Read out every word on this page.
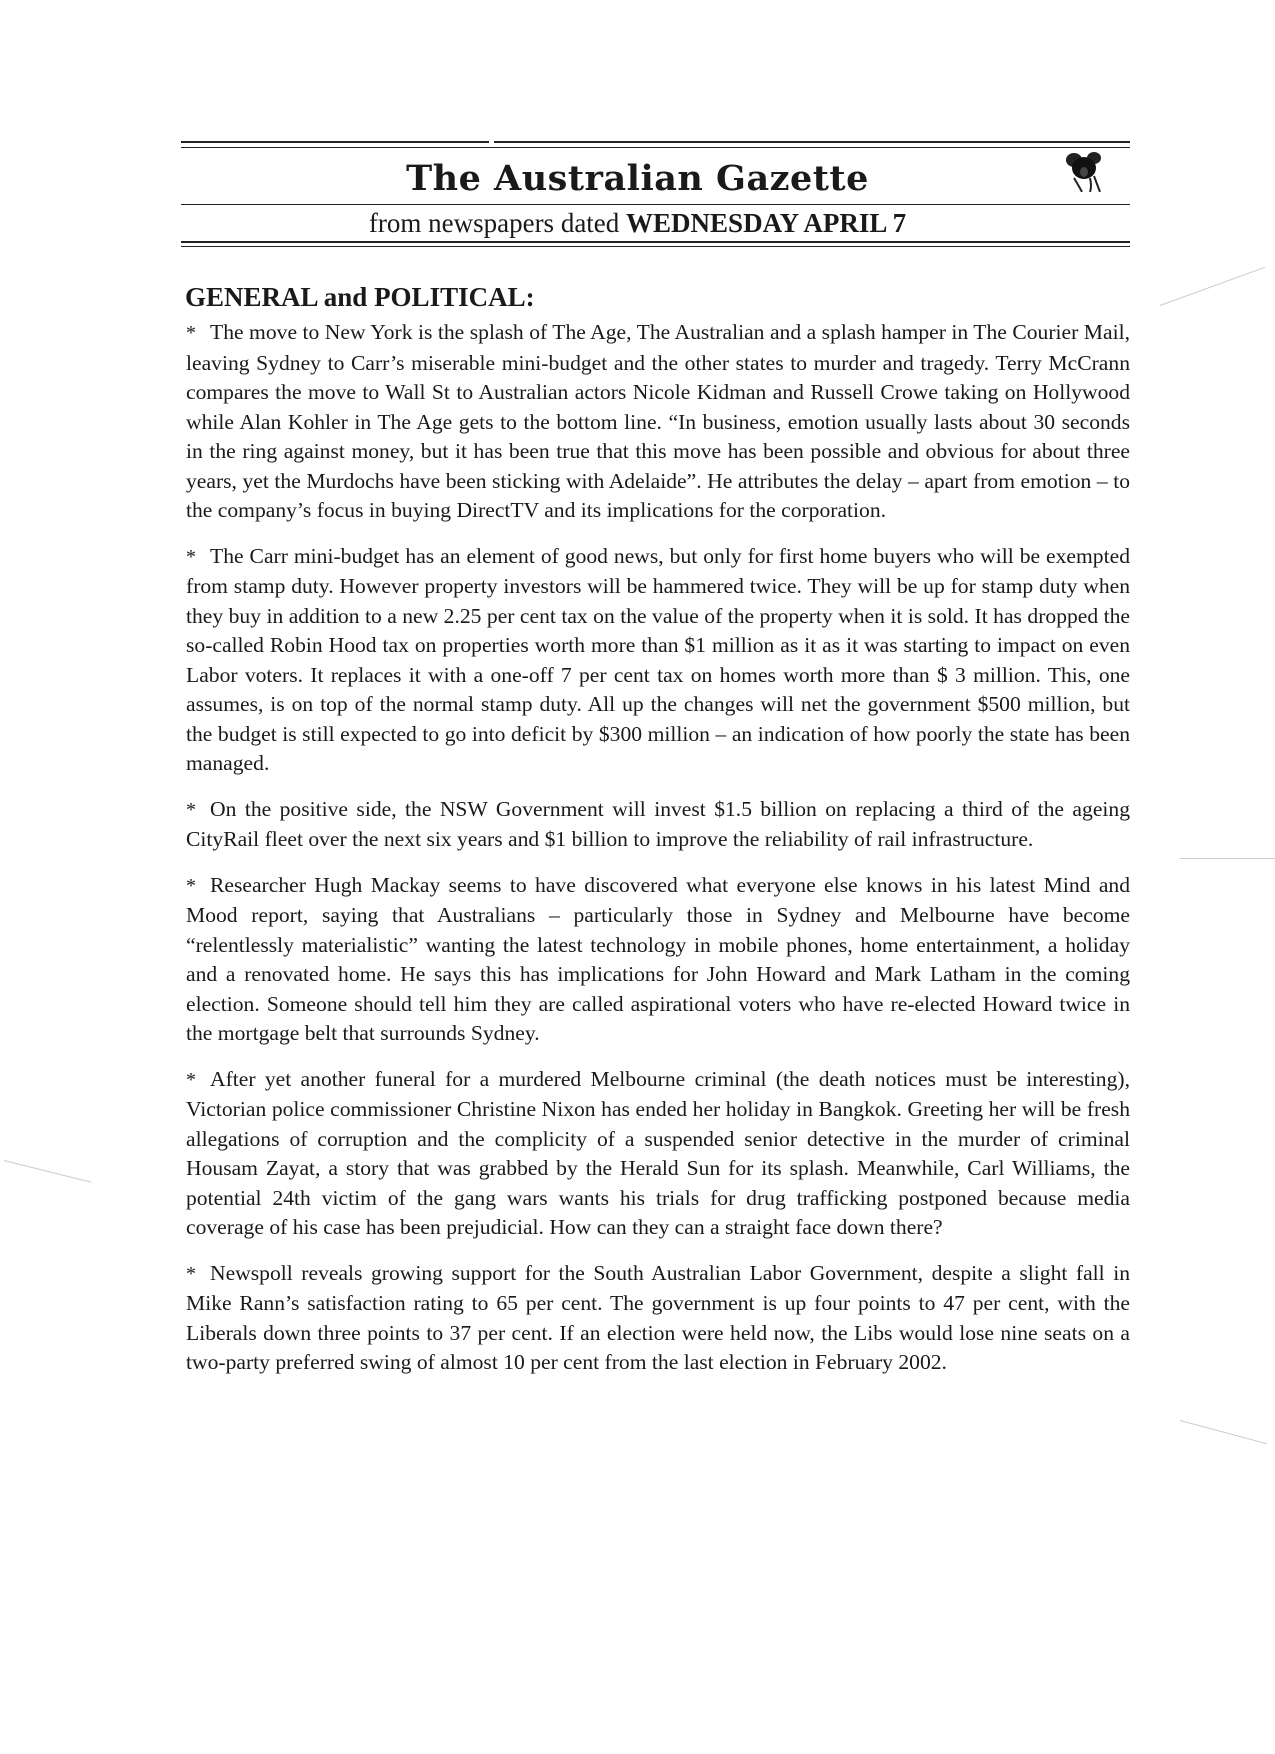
The Australian Gazette
from newspapers dated WEDNESDAY APRIL 7
GENERAL and POLITICAL:

* The move to New York is the splash of The Age, The Australian and a splash hamper in The Courier Mail, leaving Sydney to Carr’s miserable mini-budget and the other states to murder and tragedy. Terry McCrann compares the move to Wall St to Australian actors Nicole Kidman and Russell Crowe taking on Hollywood while Alan Kohler in The Age gets to the bottom line. “In business, emotion usually lasts about 30 seconds in the ring against money, but it has been true that this move has been possible and obvious for about three years, yet the Murdochs have been sticking with Adelaide”. He attributes the delay – apart from emotion – to the company’s focus in buying DirectTV and its implications for the corporation.

* The Carr mini-budget has an element of good news, but only for first home buyers who will be exempted from stamp duty. However property investors will be hammered twice. They will be up for stamp duty when they buy in addition to a new 2.25 per cent tax on the value of the property when it is sold. It has dropped the so-called Robin Hood tax on properties worth more than $1 million as it as it was starting to impact on even Labor voters. It replaces it with a one-off 7 per cent tax on homes worth more than $ 3 million. This, one assumes, is on top of the normal stamp duty. All up the changes will net the government $500 million, but the budget is still expected to go into deficit by $300 million – an indication of how poorly the state has been managed.

* On the positive side, the NSW Government will invest $1.5 billion on replacing a third of the ageing CityRail fleet over the next six years and $1 billion to improve the reliability of rail infrastructure.

* Researcher Hugh Mackay seems to have discovered what everyone else knows in his latest Mind and Mood report, saying that Australians – particularly those in Sydney and Melbourne have become “relentlessly materialistic” wanting the latest technology in mobile phones, home entertainment, a holiday and a renovated home. He says this has implications for John Howard and Mark Latham in the coming election. Someone should tell him they are called aspirational voters who have re-elected Howard twice in the mortgage belt that surrounds Sydney.

* After yet another funeral for a murdered Melbourne criminal (the death notices must be interesting), Victorian police commissioner Christine Nixon has ended her holiday in Bangkok. Greeting her will be fresh allegations of corruption and the complicity of a suspended senior detective in the murder of criminal Housam Zayat, a story that was grabbed by the Herald Sun for its splash. Meanwhile, Carl Williams, the potential 24th victim of the gang wars wants his trials for drug trafficking postponed because media coverage of his case has been prejudicial. How can they can a straight face down there?

* Newspoll reveals growing support for the South Australian Labor Government, despite a slight fall in Mike Rann’s satisfaction rating to 65 per cent. The government is up four points to 47 per cent, with the Liberals down three points to 37 per cent. If an election were held now, the Libs would lose nine seats on a two-party preferred swing of almost 10 per cent from the last election in February 2002.
